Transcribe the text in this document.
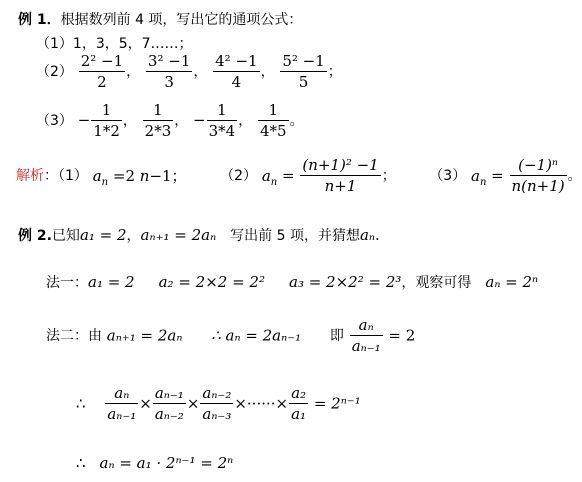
例 1．根据数列前 4 项，写出它的通项公式：
（1）1，3，5，7……；
$(2) \frac{\text{2² −1}}{2}$ ， $\frac{\text{3² −1}}{3}$ ， $\frac{\text{4² −1}}{4}$ ， $\frac{\text{5² −1}}{5}$ ；
$(3) - \frac{1}{1*2}$ ， $\frac{1}{2*3}$ ， − $\frac{1}{3*4}$ ， $\frac{1}{4*5}$ 。
解析：（1） $a_n =2$ n−1； （2） $a_n = \frac{\text{(n+1)² −1}}{n+1}$ ； （3） $a_n = \frac{\text{(−1)ⁿ}}{n(n+1)}$ 。
例 2.已知a₁ = 2，aₙ₊₁ = 2aₙ 写出前 5 项，并猜想aₙ.
法一：a₁ = 2 a₂ = 2×2 = 2² a₃ = 2×2² = 2³，观察可得 aₙ = 2ⁿ
法二：由 aₙ₊₁ = 2aₙ ∴ aₙ = 2aₙ₋₁ 即 $\frac{\text{aₙ}}{\text{aₙ₋₁}} = 2$
∴ $\frac{\text{aₙ}}{\text{aₙ₋₁}} \times \frac{\text{aₙ₋₁}}{\text{aₙ₋₂}} \times \frac{\text{aₙ₋₂}}{\text{aₙ₋₃}}$ ×······× $\frac{\text{a₂}}{\text{a₁}} = 2^{n-1}$
∴ aₙ = a₁ · 2ⁿ⁻¹ = 2ⁿ
